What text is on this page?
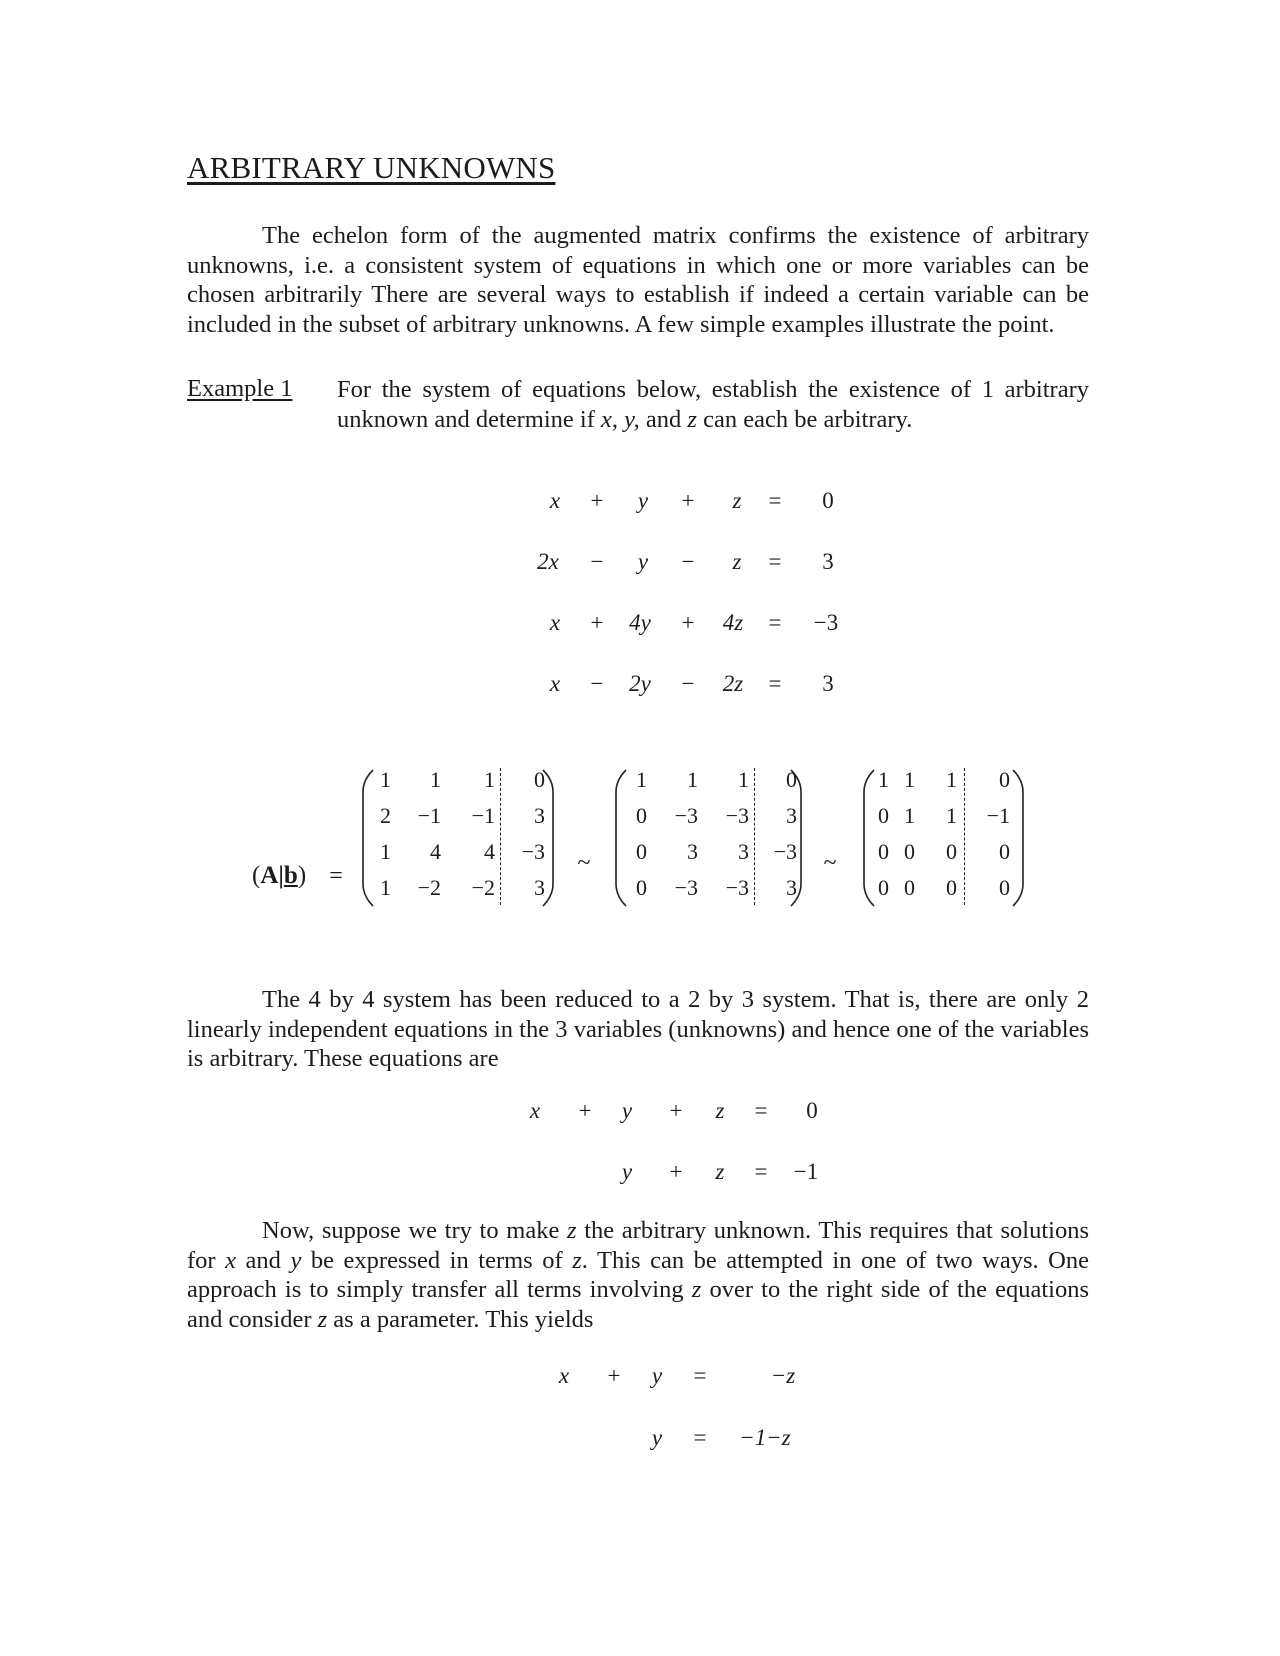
ARBITRARY UNKNOWNS

The echelon form of the augmented matrix confirms the existence of arbitrary unknowns, i.e. a consistent system of equations in which one or more variables can be chosen arbitrarily There are several ways to establish if indeed a certain variable can be included in the subset of arbitrary unknowns. A few simple examples illustrate the point.

Example 1 For the system of equations below, establish the existence of 1 arbitrary unknown and determine if x, y, and z can each be arbitrary.

x + y + z = 0
2x − y − z = 3
x + 4y + 4z = −3
x − 2y − 2z = 3
(A|b) =
1 1 1 0
2 −1 −1 3
1 4 4 −3
1 −2 −2 3
~
1 1 1 0
0 −3 −3 3
0 3 3 −3
0 −3 −3 3
~
1 1 1 0
0 1 1 −1
0 0 0 0
0 0 0 0

The 4 by 4 system has been reduced to a 2 by 3 system. That is, there are only 2 linearly independent equations in the 3 variables (unknowns) and hence one of the variables is arbitrary. These equations are

x + y + z = 0
y + z = −1

Now, suppose we try to make z the arbitrary unknown. This requires that solutions for x and y be expressed in terms of z. This can be attempted in one of two ways. One approach is to simply transfer all terms involving z over to the right side of the equations and consider z as a parameter. This yields

x + y =	−z
y = −1−z
